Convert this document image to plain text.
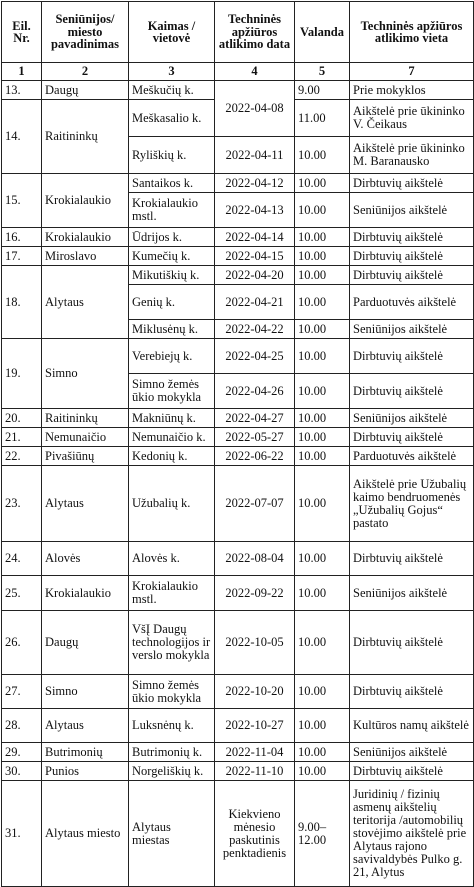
Eil. Nr.	Seniūnijos/ miesto pavadinimas	Kaimas / vietovė	Techninės apžiūros atlikimo data	Valanda	Techninės apžiūros atlikimo vieta
1	2	3	4	5	7
13.	Daugų	Meškučių k.	2022-04-08	9.00	Prie mokyklos
14.	Raitininkų	Meškasalio k.		11.00	Aikštelė prie ūkininko V. Čeikaus
		Ryliškių k.	2022-04-11	10.00	Aikštelė prie ūkininko M. Baranausko
15.	Krokialaukio	Santaikos k.	2022-04-12	10.00	Dirbtuvių aikštelė
		Krokialaukio mstl.	2022-04-13	10.00	Seniūnijos aikštelė
16.	Krokialaukio	Ūdrijos k.	2022-04-14	10.00	Dirbtuvių aikštelė
17.	Miroslavo	Kumečių k.	2022-04-15	10.00	Dirbtuvių aikštelė
18.	Alytaus	Mikutiškių k.	2022-04-20	10.00	Dirbtuvių aikštelė
		Genių k.	2022-04-21	10.00	Parduotuvės aikštelė
		Miklusėnų k.	2022-04-22	10.00	Seniūnijos aikštelė
19.	Simno	Verebiejų k.	2022-04-25	10.00	Dirbtuvių aikštelė
		Simno žemės ūkio mokykla	2022-04-26	10.00	Dirbtuvių aikštelė
20.	Raitininkų	Makniūnų k.	2022-04-27	10.00	Seniūnijos aikštelė
21.	Nemunaičio	Nemunaičio k.	2022-05-27	10.00	Dirbtuvių aikštelė
22.	Pivašiūnų	Kedonių k.	2022-06-22	10.00	Parduotuvės aikštelė
23.	Alytaus	Užubalių k.	2022-07-07	10.00	Aikštelė prie Užubalių kaimo bendruomenės „Užubalių Gojus“ pastato
24.	Alovės	Alovės k.	2022-08-04	10.00	Dirbtuvių aikštelė
25.	Krokialaukio	Krokialaukio mstl.	2022-09-22	10.00	Seniūnijos aikštelė
26.	Daugų	VšĮ Daugų technologijos ir verslo mokykla	2022-10-05	10.00	Dirbtuvių aikštelė
27.	Simno	Simno žemės ūkio mokykla	2022-10-20	10.00	Dirbtuvių aikštelė
28.	Alytaus	Luksnėnų k.	2022-10-27	10.00	Kultūros namų aikštelė
29.	Butrimonių	Butrimonių k.	2022-11-04	10.00	Seniūnijos aikštelė
30.	Punios	Norgeliškių k.	2022-11-10	10.00	Dirbtuvių aikštelė
31.	Alytaus miesto	Alytaus miestas	Kiekvieno mėnesio paskutinis penktadienis	9.00– 12.00	Juridinių / fizinių asmenų aikštelių teritorija /automobilių stovėjimo aikštelė prie Alytaus rajono savivaldybės Pulko g. 21, Alytus
